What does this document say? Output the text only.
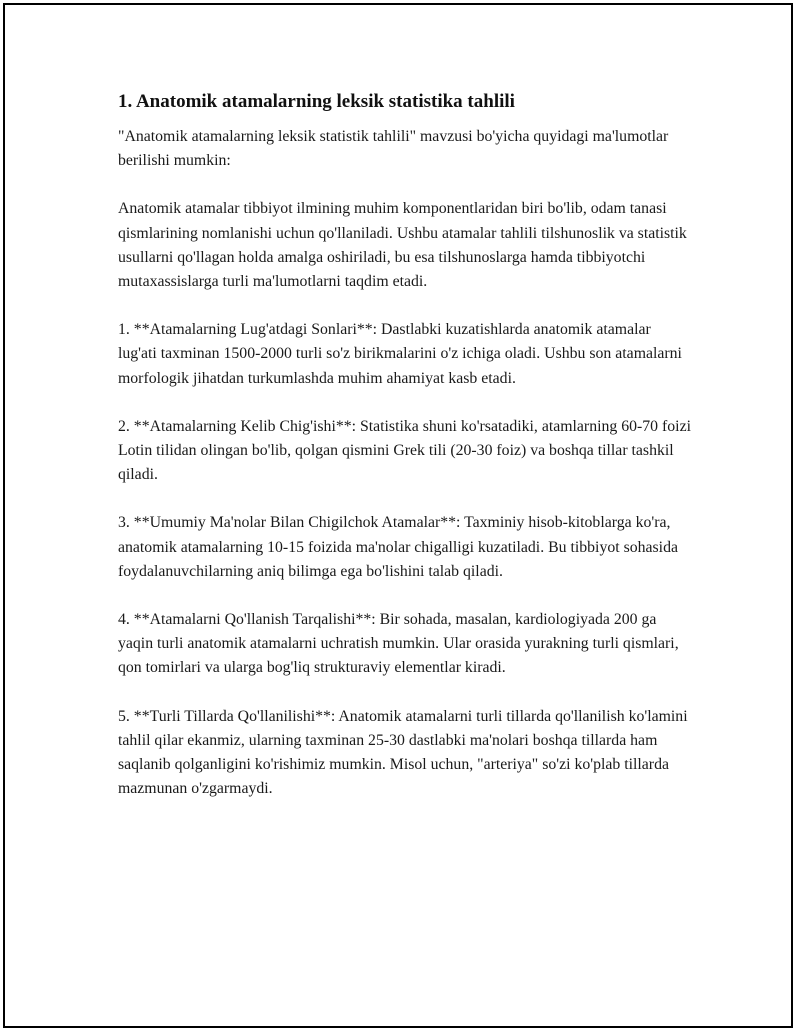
1. Anatomik atamalarning leksik statistika tahlili

"Anatomik atamalarning leksik statistik tahlili" mavzusi bo'yicha quyidagi ma'lumotlar berilishi mumkin:

Anatomik atamalar tibbiyot ilmining muhim komponentlaridan biri bo'lib, odam tanasi qismlarining nomlanishi uchun qo'llaniladi. Ushbu atamalar tahlili tilshunoslik va statistik usullarni qo'llagan holda amalga oshiriladi, bu esa tilshunoslarga hamda tibbiyotchi mutaxassislarga turli ma'lumotlarni taqdim etadi.

1. **Atamalarning Lug'atdagi Sonlari**: Dastlabki kuzatishlarda anatomik atamalar lug'ati taxminan 1500-2000 turli so'z birikmalarini o'z ichiga oladi. Ushbu son atamalarni morfologik jihatdan turkumlashda muhim ahamiyat kasb etadi.

2. **Atamalarning Kelib Chig'ishi**: Statistika shuni ko'rsatadiki, atamlarning 60-70 foizi Lotin tilidan olingan bo'lib, qolgan qismini Grek tili (20-30 foiz) va boshqa tillar tashkil qiladi.

3. **Umumiy Ma'nolar Bilan Chigilchok Atamalar**: Taxminiy hisob-kitoblarga ko'ra, anatomik atamalarning 10-15 foizida ma'nolar chigalligi kuzatiladi. Bu tibbiyot sohasida foydalanuvchilarning aniq bilimga ega bo'lishini talab qiladi.

4. **Atamalarni Qo'llanish Tarqalishi**: Bir sohada, masalan, kardiologiyada 200 ga yaqin turli anatomik atamalarni uchratish mumkin. Ular orasida yurakning turli qismlari, qon tomirlari va ularga bog'liq strukturaviy elementlar kiradi.

5. **Turli Tillarda Qo'llanilishi**: Anatomik atamalarni turli tillarda qo'llanilish ko'lamini tahlil qilar ekanmiz, ularning taxminan 25-30 dastlabki ma'nolari boshqa tillarda ham saqlanib qolganligini ko'rishimiz mumkin. Misol uchun, "arteriya" so'zi ko'plab tillarda mazmunan o'zgarmaydi.
